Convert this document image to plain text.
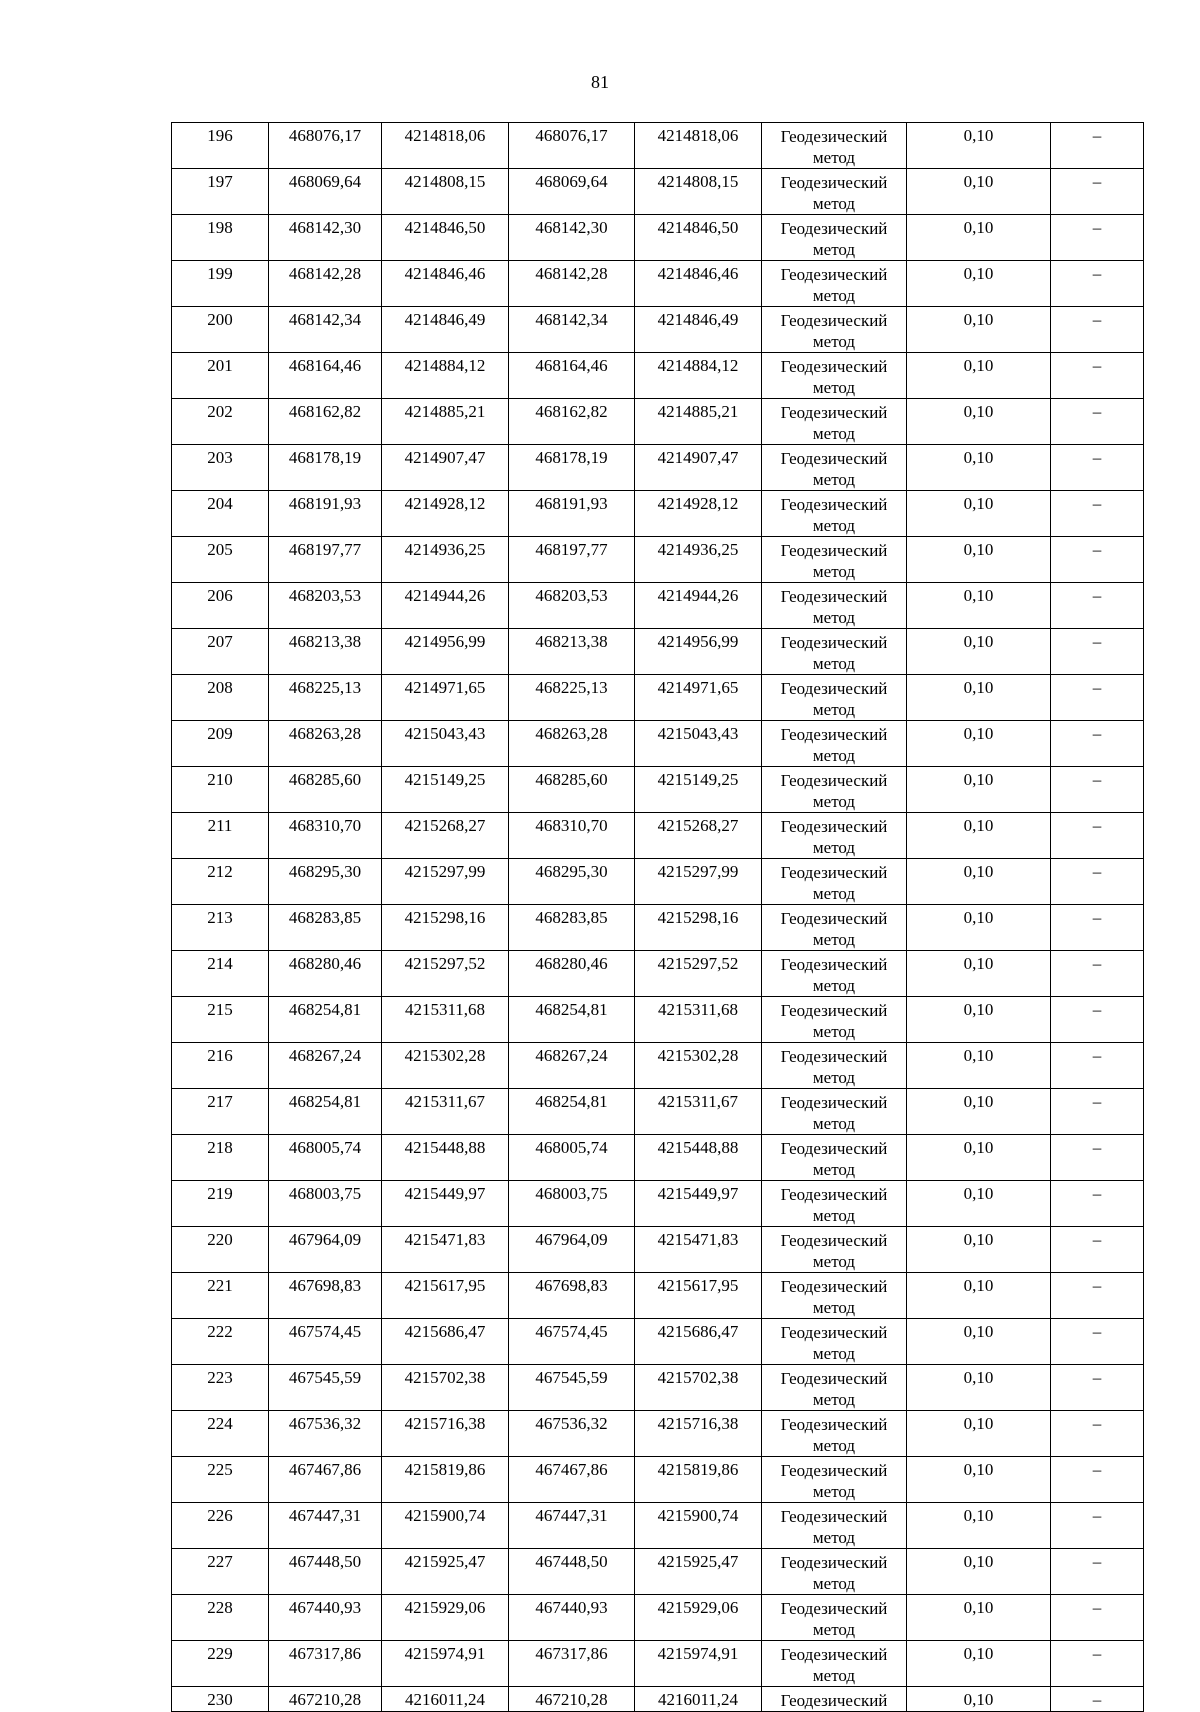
81
196	468076,17	4214818,06	468076,17	4214818,06	Геодезический метод	0,10	–

197	468069,64	4214808,15	468069,64	4214808,15	Геодезический метод	0,10	–

198	468142,30	4214846,50	468142,30	4214846,50	Геодезический метод	0,10	–

199	468142,28	4214846,46	468142,28	4214846,46	Геодезический метод	0,10	–

200	468142,34	4214846,49	468142,34	4214846,49	Геодезический метод	0,10	–

201	468164,46	4214884,12	468164,46	4214884,12	Геодезический метод	0,10	–

202	468162,82	4214885,21	468162,82	4214885,21	Геодезический метод	0,10	–

203	468178,19	4214907,47	468178,19	4214907,47	Геодезический метод	0,10	–

204	468191,93	4214928,12	468191,93	4214928,12	Геодезический метод	0,10	–

205	468197,77	4214936,25	468197,77	4214936,25	Геодезический метод	0,10	–

206	468203,53	4214944,26	468203,53	4214944,26	Геодезический метод	0,10	–

207	468213,38	4214956,99	468213,38	4214956,99	Геодезический метод	0,10	–

208	468225,13	4214971,65	468225,13	4214971,65	Геодезический метод	0,10	–

209	468263,28	4215043,43	468263,28	4215043,43	Геодезический метод	0,10	–

210	468285,60	4215149,25	468285,60	4215149,25	Геодезический метод	0,10	–

211	468310,70	4215268,27	468310,70	4215268,27	Геодезический метод	0,10	–

212	468295,30	4215297,99	468295,30	4215297,99	Геодезический метод	0,10	–

213	468283,85	4215298,16	468283,85	4215298,16	Геодезический метод	0,10	–

214	468280,46	4215297,52	468280,46	4215297,52	Геодезический метод	0,10	–

215	468254,81	4215311,68	468254,81	4215311,68	Геодезический метод	0,10	–

216	468267,24	4215302,28	468267,24	4215302,28	Геодезический метод	0,10	–

217	468254,81	4215311,67	468254,81	4215311,67	Геодезический метод	0,10	–

218	468005,74	4215448,88	468005,74	4215448,88	Геодезический метод	0,10	–

219	468003,75	4215449,97	468003,75	4215449,97	Геодезический метод	0,10	–

220	467964,09	4215471,83	467964,09	4215471,83	Геодезический метод	0,10	–

221	467698,83	4215617,95	467698,83	4215617,95	Геодезический метод	0,10	–

222	467574,45	4215686,47	467574,45	4215686,47	Геодезический метод	0,10	–

223	467545,59	4215702,38	467545,59	4215702,38	Геодезический метод	0,10	–

224	467536,32	4215716,38	467536,32	4215716,38	Геодезический метод	0,10	–

225	467467,86	4215819,86	467467,86	4215819,86	Геодезический метод	0,10	–

226	467447,31	4215900,74	467447,31	4215900,74	Геодезический метод	0,10	–

227	467448,50	4215925,47	467448,50	4215925,47	Геодезический метод	0,10	–

228	467440,93	4215929,06	467440,93	4215929,06	Геодезический метод	0,10	–

229	467317,86	4215974,91	467317,86	4215974,91	Геодезический метод	0,10	–

230	467210,28	4216011,24	467210,28	4216011,24	Геодезический	0,10	–
